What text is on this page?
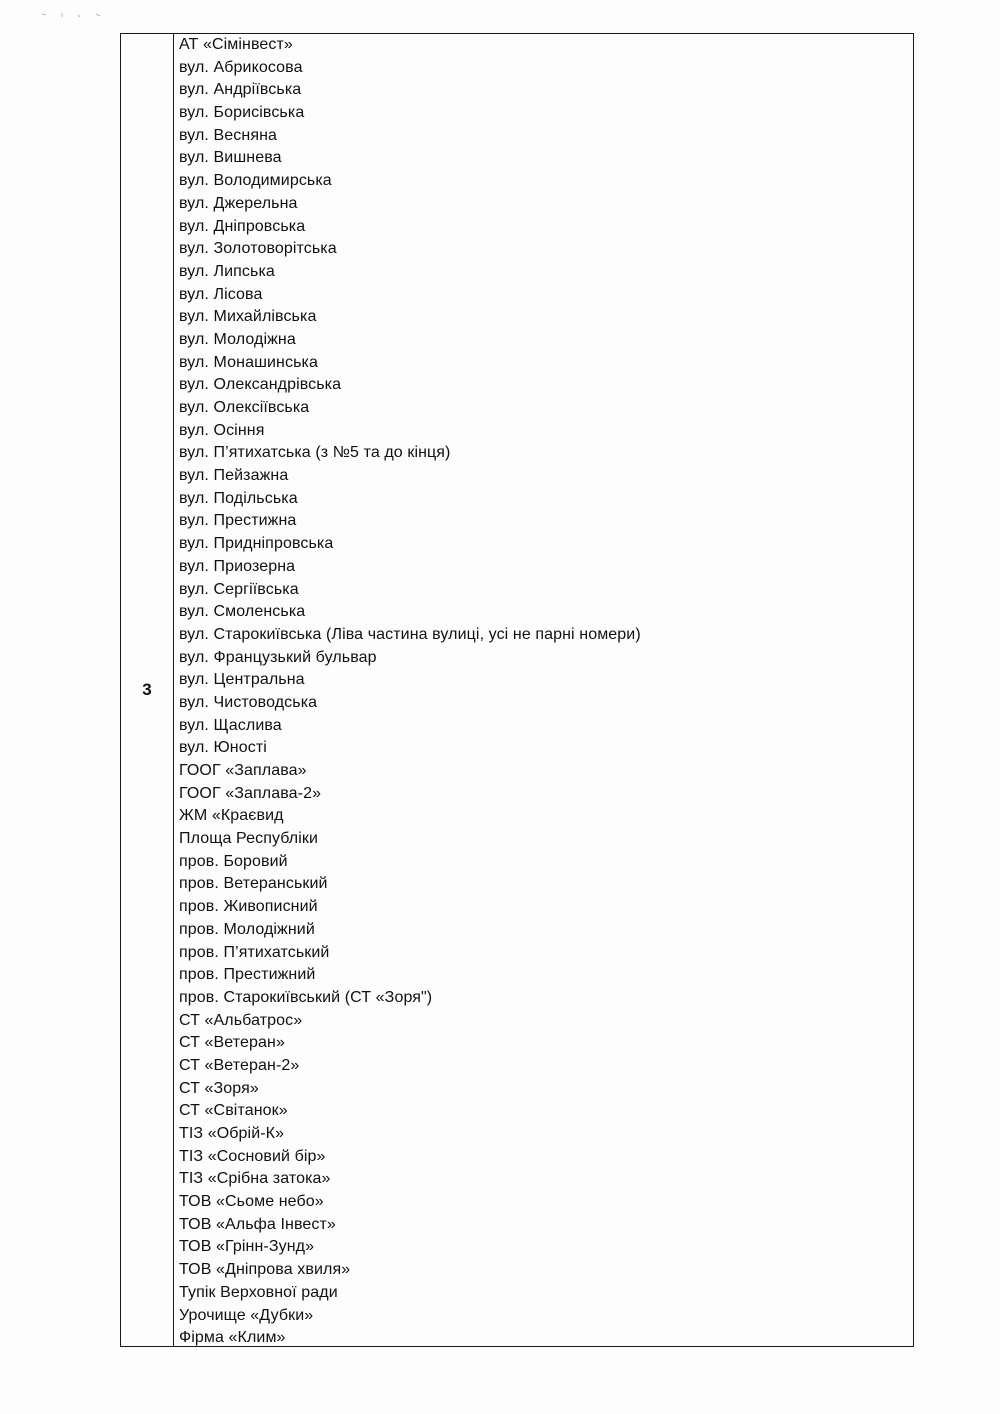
3
АТ «Сімінвест»
вул. Абрикосова
вул. Андріївська
вул. Борисівська
вул. Весняна
вул. Вишнева
вул. Володимирська
вул. Джерельна
вул. Дніпровська
вул. Золотоворітська
вул. Липська
вул. Лісова
вул. Михайлівська
вул. Молодіжна
вул. Монашинська
вул. Олександрівська
вул. Олексіївська
вул. Осіння
вул. П’ятихатська (з №5 та до кінця)
вул. Пейзажна
вул. Подільська
вул. Престижна
вул. Придніпровська
вул. Приозерна
вул. Сергіївська
вул. Смоленська
вул. Старокиївська (Ліва частина вулиці, усі не парні номери)
вул. Французький бульвар
вул. Центральна
вул. Чистоводська
вул. Щаслива
вул. Юності
ГООГ «Заплава»
ГООГ «Заплава-2»
ЖМ «Краєвид
Площа Республіки
пров. Боровий
пров. Ветеранський
пров. Живописний
пров. Молодіжний
пров. П’ятихатський
пров. Престижний
пров. Старокиївський (СТ «Зоря")
СТ «Альбатрос»
СТ «Ветеран»
СТ «Ветеран-2»
СТ «Зоря»
СТ «Світанок»
ТІЗ «Обрій-К»
ТІЗ «Сосновий бір»
ТІЗ «Срібна затока»
ТОВ «Сьоме небо»
ТОВ «Альфа Інвест»
ТОВ «Грінн-Зунд»
ТОВ «Дніпрова хвиля»
Тупік Верховної ради
Урочище «Дубки»
Фірма «Клим»
